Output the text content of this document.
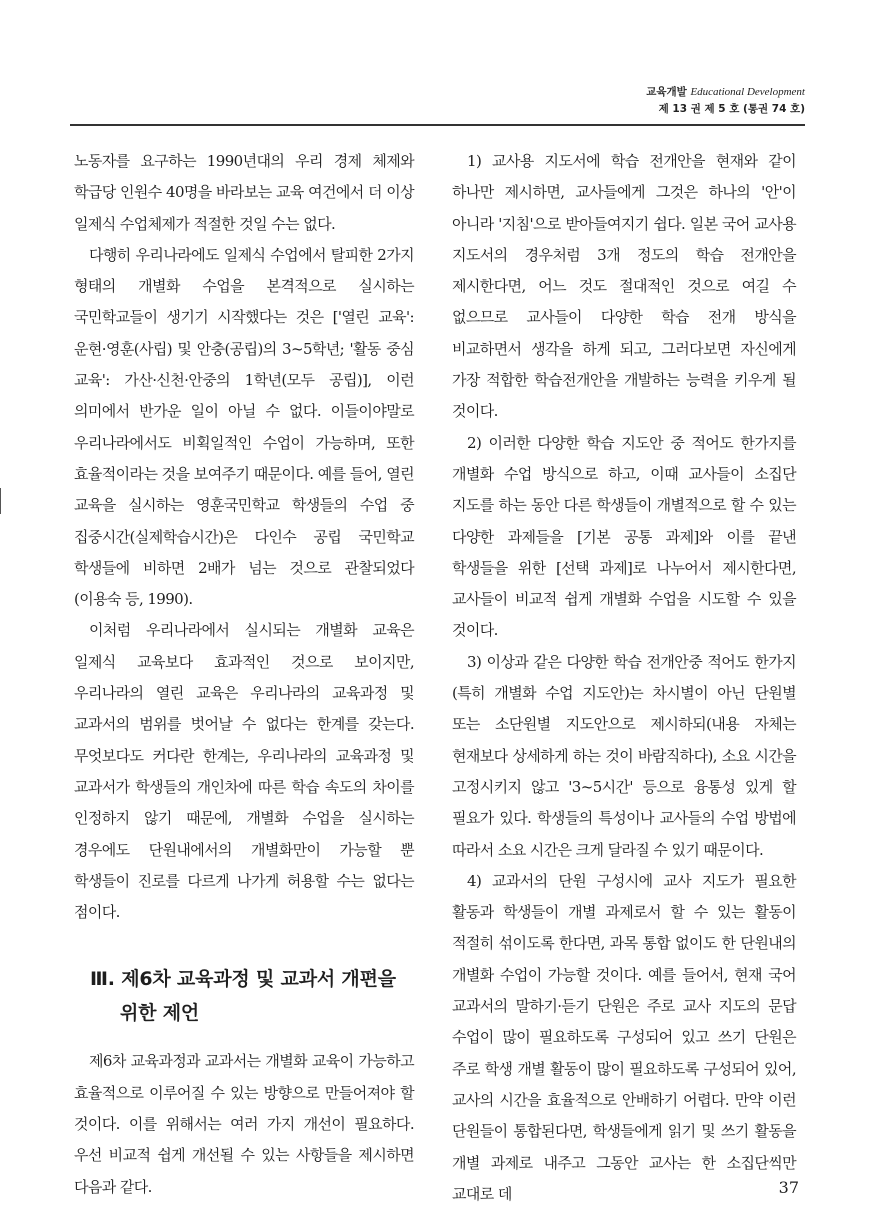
교육개발 Educational Development
제 13 권 제 5 호 (통권 74 호)

노동자를 요구하는 1990년대의 우리 경제 체제와 학급당 인원수 40명을 바라보는 교육 여건에서 더 이상 일제식 수업체제가 적절한 것일 수는 없다.

다행히 우리나라에도 일제식 수업에서 탈피한 2가지 형태의 개별화 수업을 본격적으로 실시하는 국민학교들이 생기기 시작했다는 것은 ['열린 교육': 운현·영훈(사립) 및 안충(공립)의 3~5학년; '활동 중심 교육': 가산·신천·안중의 1학년(모두 공립)], 이런 의미에서 반가운 일이 아닐 수 없다. 이들이야말로 우리나라에서도 비획일적인 수업이 가능하며, 또한 효율적이라는 것을 보여주기 때문이다. 예를 들어, 열린 교육을 실시하는 영훈국민학교 학생들의 수업 중 집중시간(실제학습시간)은 다인수 공립 국민학교 학생들에 비하면 2배가 넘는 것으로 관찰되었다(이용숙 등, 1990).

이처럼 우리나라에서 실시되는 개별화 교육은 일제식 교육보다 효과적인 것으로 보이지만, 우리나라의 열린 교육은 우리나라의 교육과정 및 교과서의 범위를 벗어날 수 없다는 한계를 갖는다. 무엇보다도 커다란 한계는, 우리나라의 교육과정 및 교과서가 학생들의 개인차에 따른 학습 속도의 차이를 인정하지 않기 때문에, 개별화 수업을 실시하는 경우에도 단원내에서의 개별화만이 가능할 뿐 학생들이 진로를 다르게 나가게 허용할 수는 없다는 점이다.

Ⅲ. 제6차 교육과정 및 교과서 개편을
위한 제언

제6차 교육과정과 교과서는 개별화 교육이 가능하고 효율적으로 이루어질 수 있는 방향으로 만들어져야 할 것이다. 이를 위해서는 여러 가지 개선이 필요하다. 우선 비교적 쉽게 개선될 수 있는 사항들을 제시하면 다음과 같다.

1) 교사용 지도서에 학습 전개안을 현재와 같이 하나만 제시하면, 교사들에게 그것은 하나의 '안'이 아니라 '지침'으로 받아들여지기 쉽다. 일본 국어 교사용 지도서의 경우처럼 3개 정도의 학습 전개안을 제시한다면, 어느 것도 절대적인 것으로 여길 수 없으므로 교사들이 다양한 학습 전개 방식을 비교하면서 생각을 하게 되고, 그러다보면 자신에게 가장 적합한 학습전개안을 개발하는 능력을 키우게 될 것이다.

2) 이러한 다양한 학습 지도안 중 적어도 한가지를 개별화 수업 방식으로 하고, 이때 교사들이 소집단 지도를 하는 동안 다른 학생들이 개별적으로 할 수 있는 다양한 과제들을 [기본 공통 과제]와 이를 끝낸 학생들을 위한 [선택 과제]로 나누어서 제시한다면, 교사들이 비교적 쉽게 개별화 수업을 시도할 수 있을 것이다.

3) 이상과 같은 다양한 학습 전개안중 적어도 한가지(특히 개별화 수업 지도안)는 차시별이 아닌 단원별 또는 소단원별 지도안으로 제시하되(내용 자체는 현재보다 상세하게 하는 것이 바람직하다), 소요 시간을 고정시키지 않고 '3~5시간' 등으로 융통성 있게 할 필요가 있다. 학생들의 특성이나 교사들의 수업 방법에 따라서 소요 시간은 크게 달라질 수 있기 때문이다.

4) 교과서의 단원 구성시에 교사 지도가 필요한 활동과 학생들이 개별 과제로서 할 수 있는 활동이 적절히 섞이도록 한다면, 과목 통합 없이도 한 단원내의 개별화 수업이 가능할 것이다. 예를 들어서, 현재 국어 교과서의 말하기·듣기 단원은 주로 교사 지도의 문답 수업이 많이 필요하도록 구성되어 있고 쓰기 단원은 주로 학생 개별 활동이 많이 필요하도록 구성되어 있어, 교사의 시간을 효율적으로 안배하기 어렵다. 만약 이런 단원들이 통합된다면, 학생들에게 읽기 및 쓰기 활동을 개별 과제로 내주고 그동안 교사는 한 소집단씩만 교대로 데	37
